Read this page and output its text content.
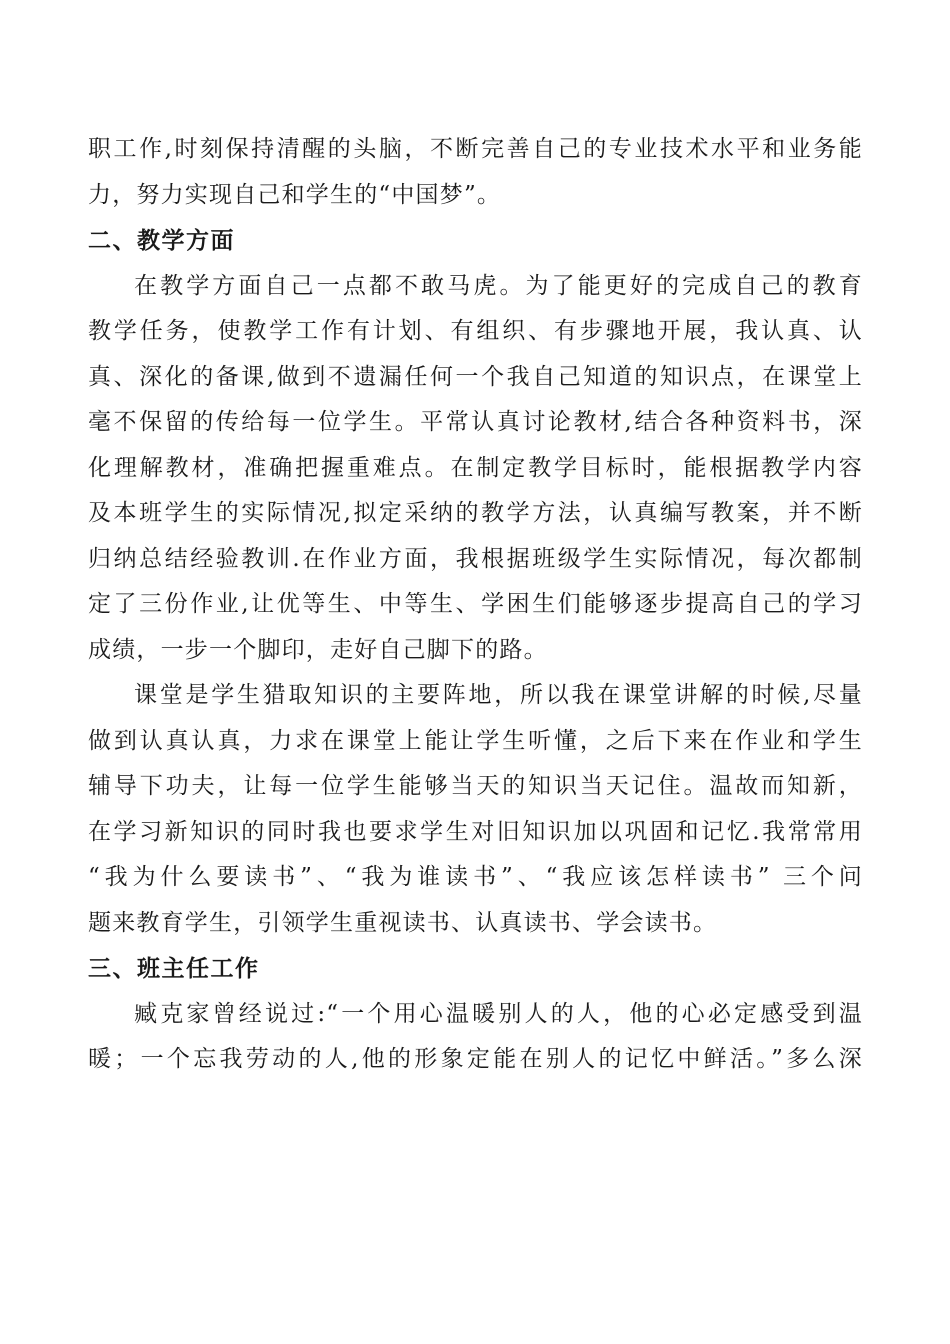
职工作,时刻保持清醒的头脑，不断完善自己的专业技术水平和业务能
力，努力实现自己和学生的“中国梦”。
二、教学方面
在教学方面自己一点都不敢马虎。为了能更好的完成自己的教育
教学任务，使教学工作有计划、有组织、有步骤地开展，我认真、认
真、深化的备课,做到不遗漏任何一个我自己知道的知识点，在课堂上
毫不保留的传给每一位学生。平常认真讨论教材,结合各种资料书，深
化理解教材，准确把握重难点。在制定教学目标时，能根据教学内容
及本班学生的实际情况,拟定采纳的教学方法，认真编写教案，并不断
归纳总结经验教训.在作业方面，我根据班级学生实际情况，每次都制
定了三份作业,让优等生、中等生、学困生们能够逐步提高自己的学习
成绩，一步一个脚印，走好自己脚下的路。
课堂是学生猎取知识的主要阵地，所以我在课堂讲解的时候,尽量
做到认真认真，力求在课堂上能让学生听懂，之后下来在作业和学生
辅导下功夫，让每一位学生能够当天的知识当天记住。温故而知新，
在学习新知识的同时我也要求学生对旧知识加以巩固和记忆.我常常用
“我为什么要读书”、“我为谁读书”、“我应该怎样读书” 三个问
题来教育学生，引领学生重视读书、认真读书、学会读书。
三、班主任工作
臧克家曾经说过:“一个用心温暖别人的人，他的心必定感受到温
暖；一个忘我劳动的人,他的形象定能在别人的记忆中鲜活。”多么深
